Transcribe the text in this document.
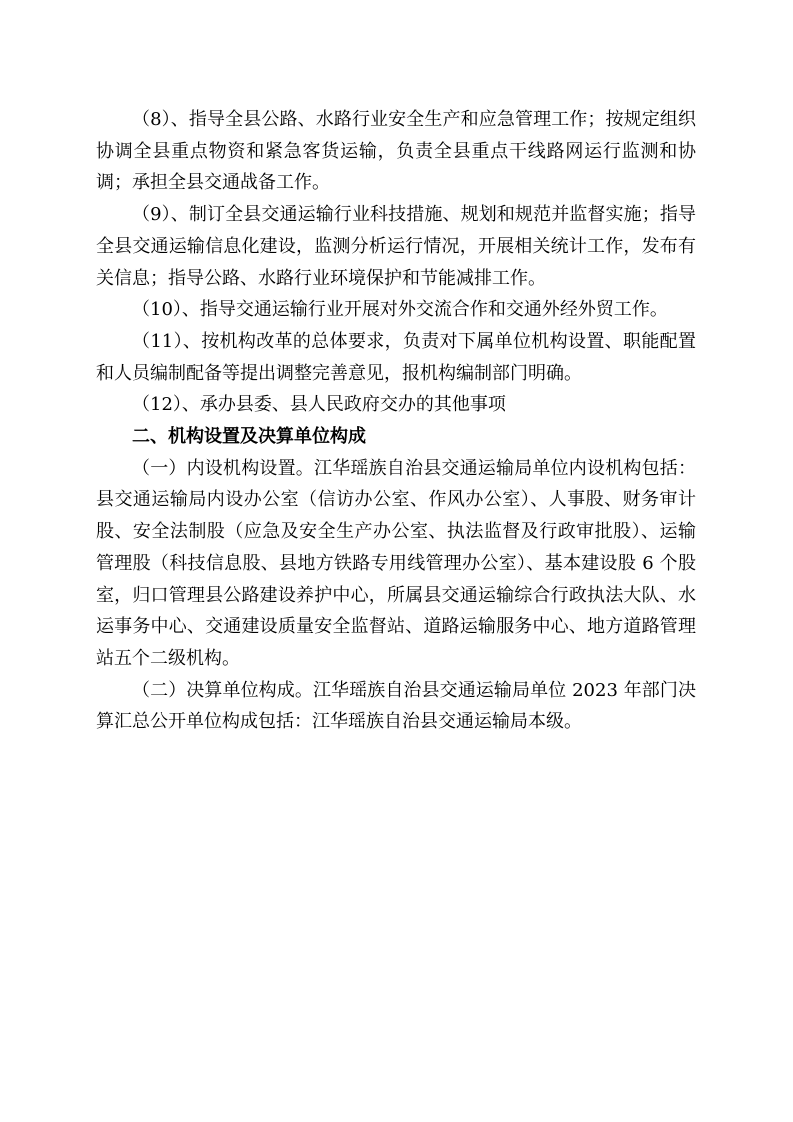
（8）、指导全县公路、水路行业安全生产和应急管理工作；按规定组织协调全县重点物资和紧急客货运输，负责全县重点干线路网运行监测和协调；承担全县交通战备工作。

（9）、制订全县交通运输行业科技措施、规划和规范并监督实施；指导全县交通运输信息化建设，监测分析运行情况，开展相关统计工作，发布有关信息；指导公路、水路行业环境保护和节能减排工作。

（10）、指导交通运输行业开展对外交流合作和交通外经外贸工作。

（11）、按机构改革的总体要求，负责对下属单位机构设置、职能配置和人员编制配备等提出调整完善意见，报机构编制部门明确。

（12）、承办县委、县人民政府交办的其他事项

二、机构设置及决算单位构成

（一）内设机构设置。江华瑶族自治县交通运输局单位内设机构包括：县交通运输局内设办公室（信访办公室、作风办公室）、人事股、财务审计股、安全法制股（应急及安全生产办公室、执法监督及行政审批股）、运输管理股（科技信息股、县地方铁路专用线管理办公室）、基本建设股 6 个股室，归口管理县公路建设养护中心，所属县交通运输综合行政执法大队、水运事务中心、交通建设质量安全监督站、道路运输服务中心、地方道路管理站五个二级机构。

（二）决算单位构成。江华瑶族自治县交通运输局单位 2023 年部门决算汇总公开单位构成包括：江华瑶族自治县交通运输局本级。
